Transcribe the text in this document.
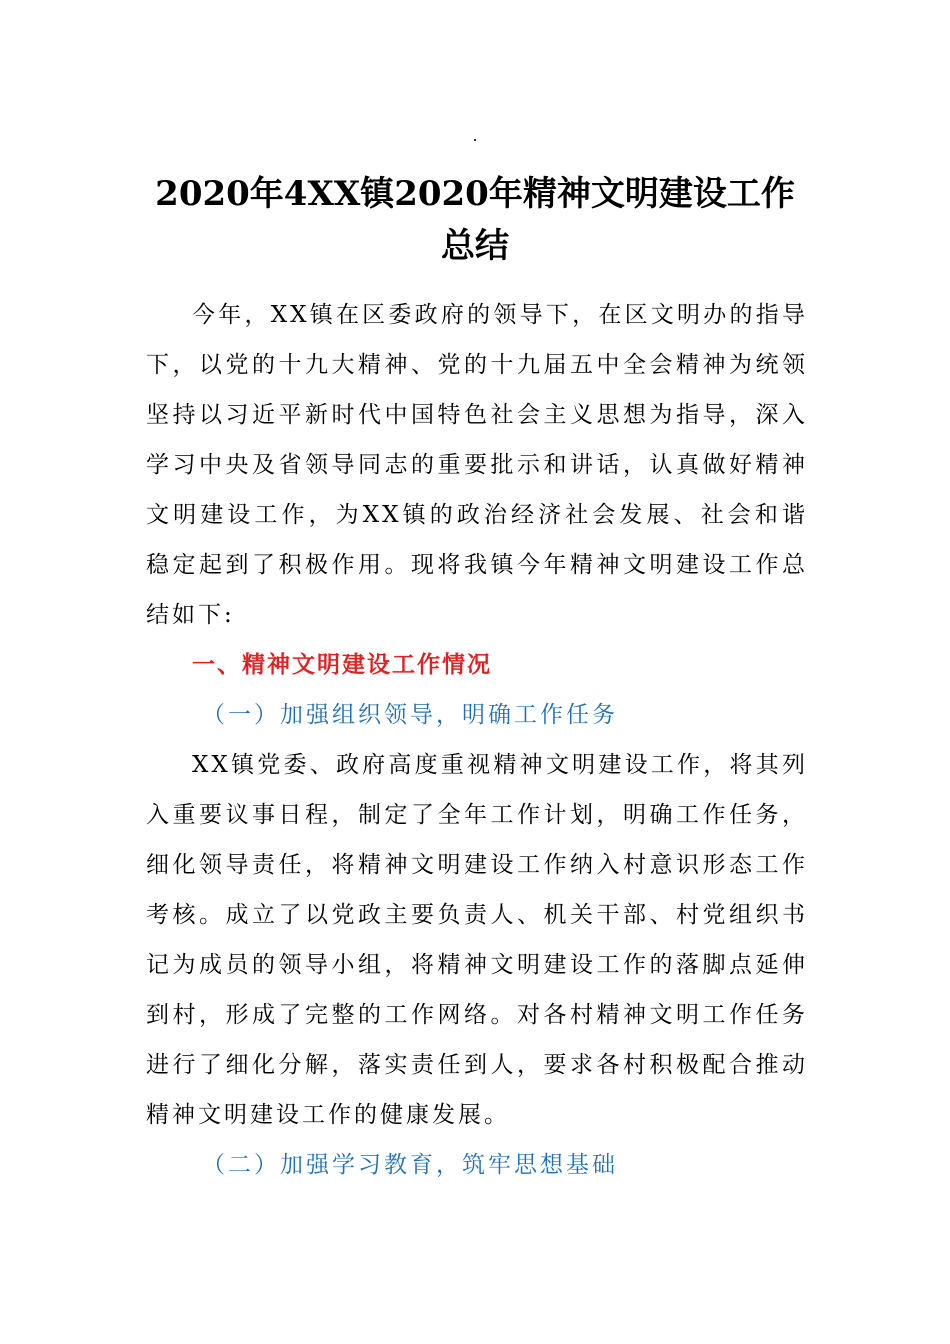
.
2020年4XX镇2020年精神文明建设工作总结

今年，XX镇在区委政府的领导下，在区文明办的指导下，以党的十九大精神、党的十九届五中全会精神为统领坚持以习近平新时代中国特色社会主义思想为指导，深入学习中央及省领导同志的重要批示和讲话，认真做好精神文明建设工作，为XX镇的政治经济社会发展、社会和谐稳定起到了积极作用。现将我镇今年精神文明建设工作总结如下:

一、精神文明建设工作情况

（一）加强组织领导，明确工作任务

XX镇党委、政府高度重视精神文明建设工作，将其列入重要议事日程，制定了全年工作计划，明确工作任务，细化领导责任，将精神文明建设工作纳入村意识形态工作考核。成立了以党政主要负责人、机关干部、村党组织书记为成员的领导小组，将精神文明建设工作的落脚点延伸到村，形成了完整的工作网络。对各村精神文明工作任务进行了细化分解，落实责任到人，要求各村积极配合推动精神文明建设工作的健康发展。

（二）加强学习教育，筑牢思想基础
